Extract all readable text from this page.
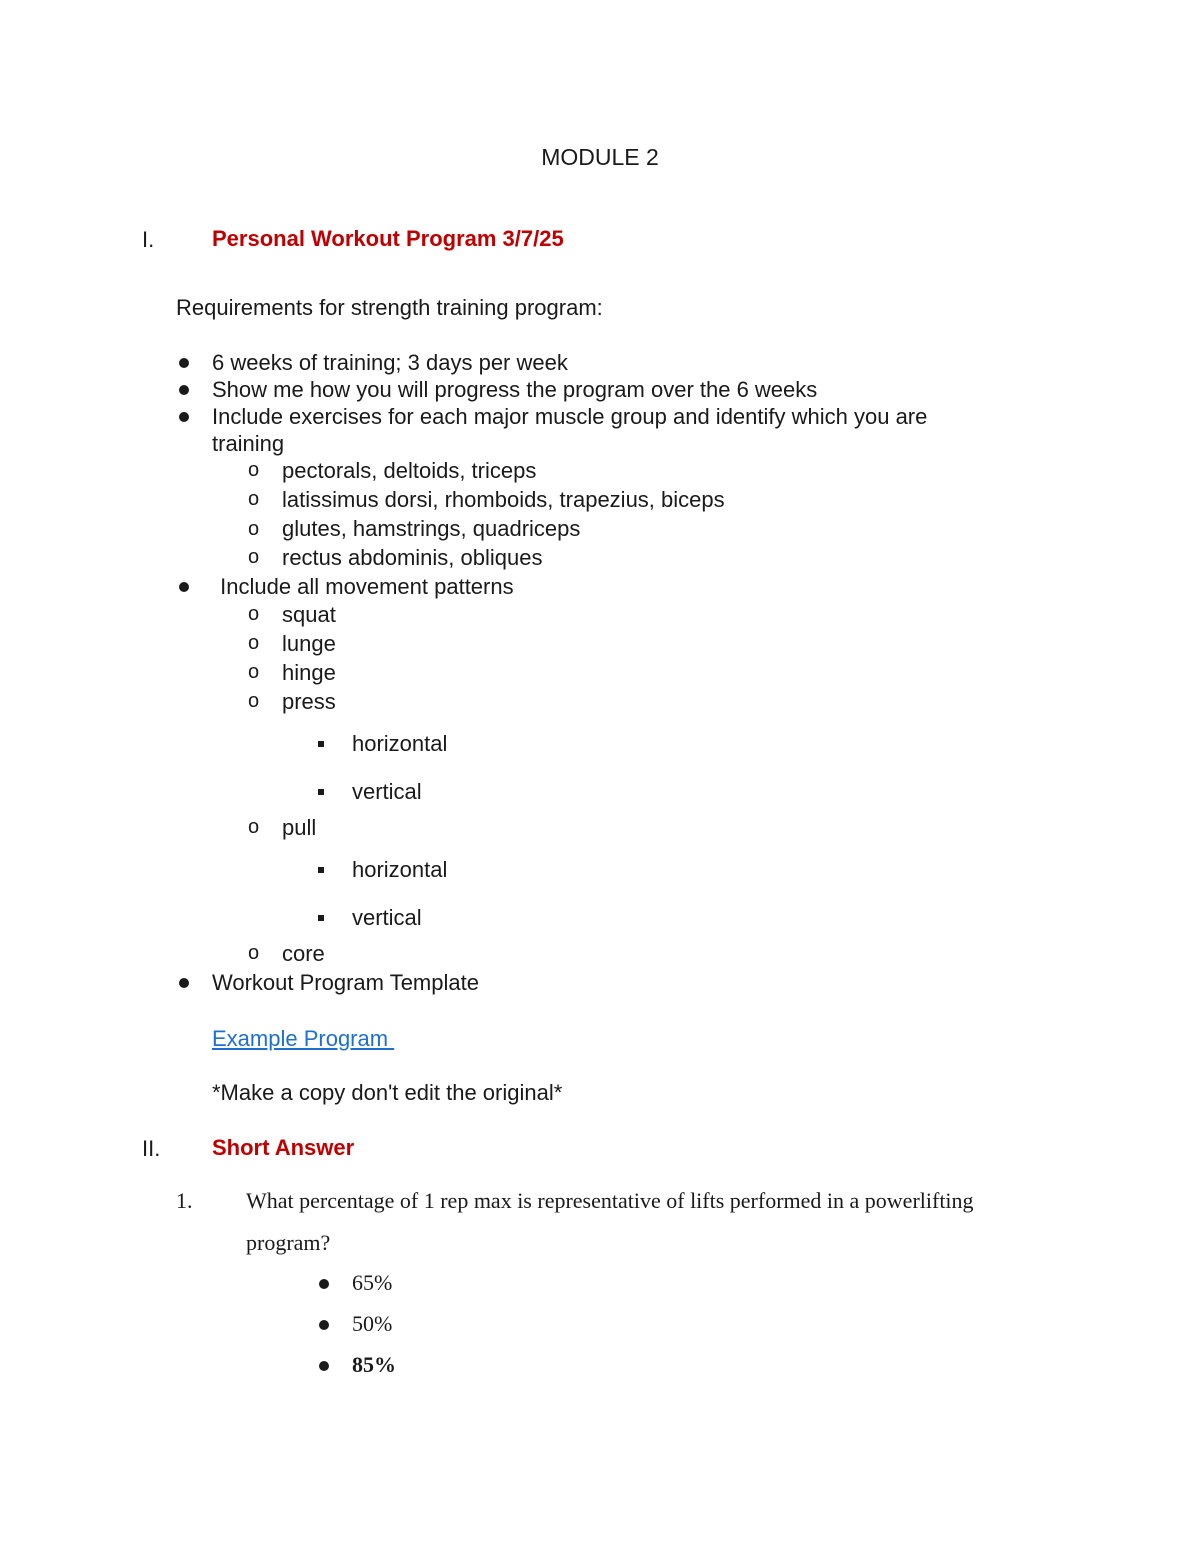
MODULE 2
I.	Personal Workout Program 3/7/25
Requirements for strength training program:
6 weeks of training; 3 days per week
Show me how you will progress the program over the 6 weeks
Include exercises for each major muscle group and identify which you are
training
o pectorals, deltoids, triceps
o latissimus dorsi, rhomboids, trapezius, biceps
o glutes, hamstrings, quadriceps
o rectus abdominis, obliques
Include all movement patterns
o squat
o lunge
o hinge
o press
horizontal
vertical
o pull
horizontal
vertical
o core
Workout Program Template
Example Program
*Make a copy don't edit the original*
II. Short Answer
1. What percentage of 1 rep max is representative of lifts performed in a powerlifting
program?
65%
50%
85%
